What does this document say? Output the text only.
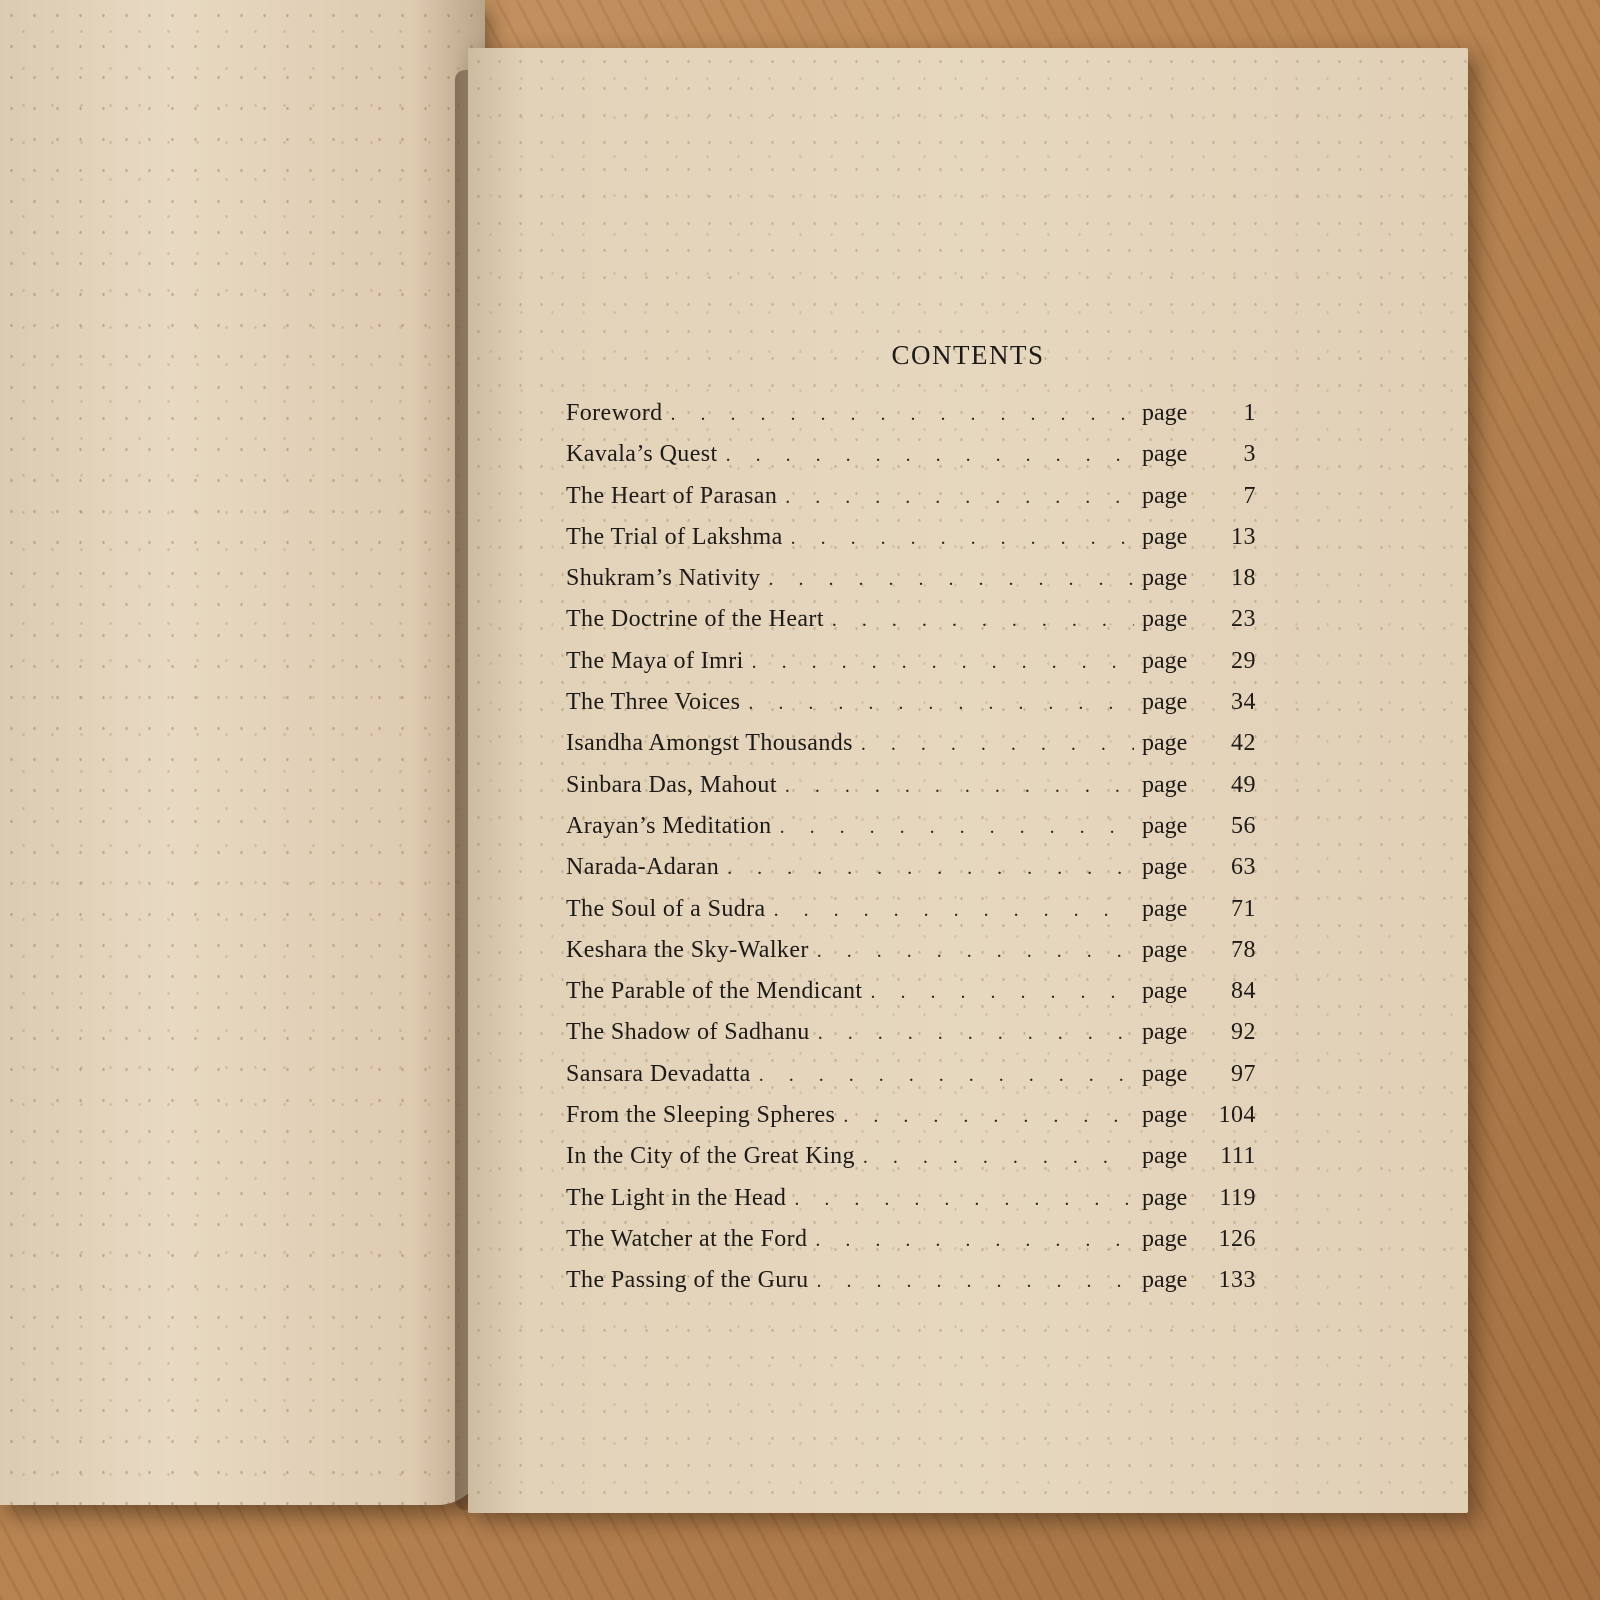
CONTENTS
Foreword . . .	page	1
Kavala’s Quest . . .	page	3
The Heart of Parasan . . .	page	7
The Trial of Lakshma . . .	page	13
Shukram’s Nativity . . .	page	18
The Doctrine of the Heart . . .	page	23
The Maya of Imri . . .	page	29
The Three Voices . . .	page	34
Isandha Amongst Thousands . . .	page	42
Sinbara Das, Mahout . . .	page	49
Arayan’s Meditation . . .	page	56
Narada-Adaran . . .	page	63
The Soul of a Sudra . . .	page	71
Keshara the Sky-Walker . . .	page	78
The Parable of the Mendicant . . .	page	84
The Shadow of Sadhanu . . .	page	92
Sansara Devadatta . . .	page	97
From the Sleeping Spheres . . .	page	104
In the City of the Great King . . .	page	111
The Light in the Head . . .	page	119
The Watcher at the Ford . . .	page	126
The Passing of the Guru . . .	page	133
